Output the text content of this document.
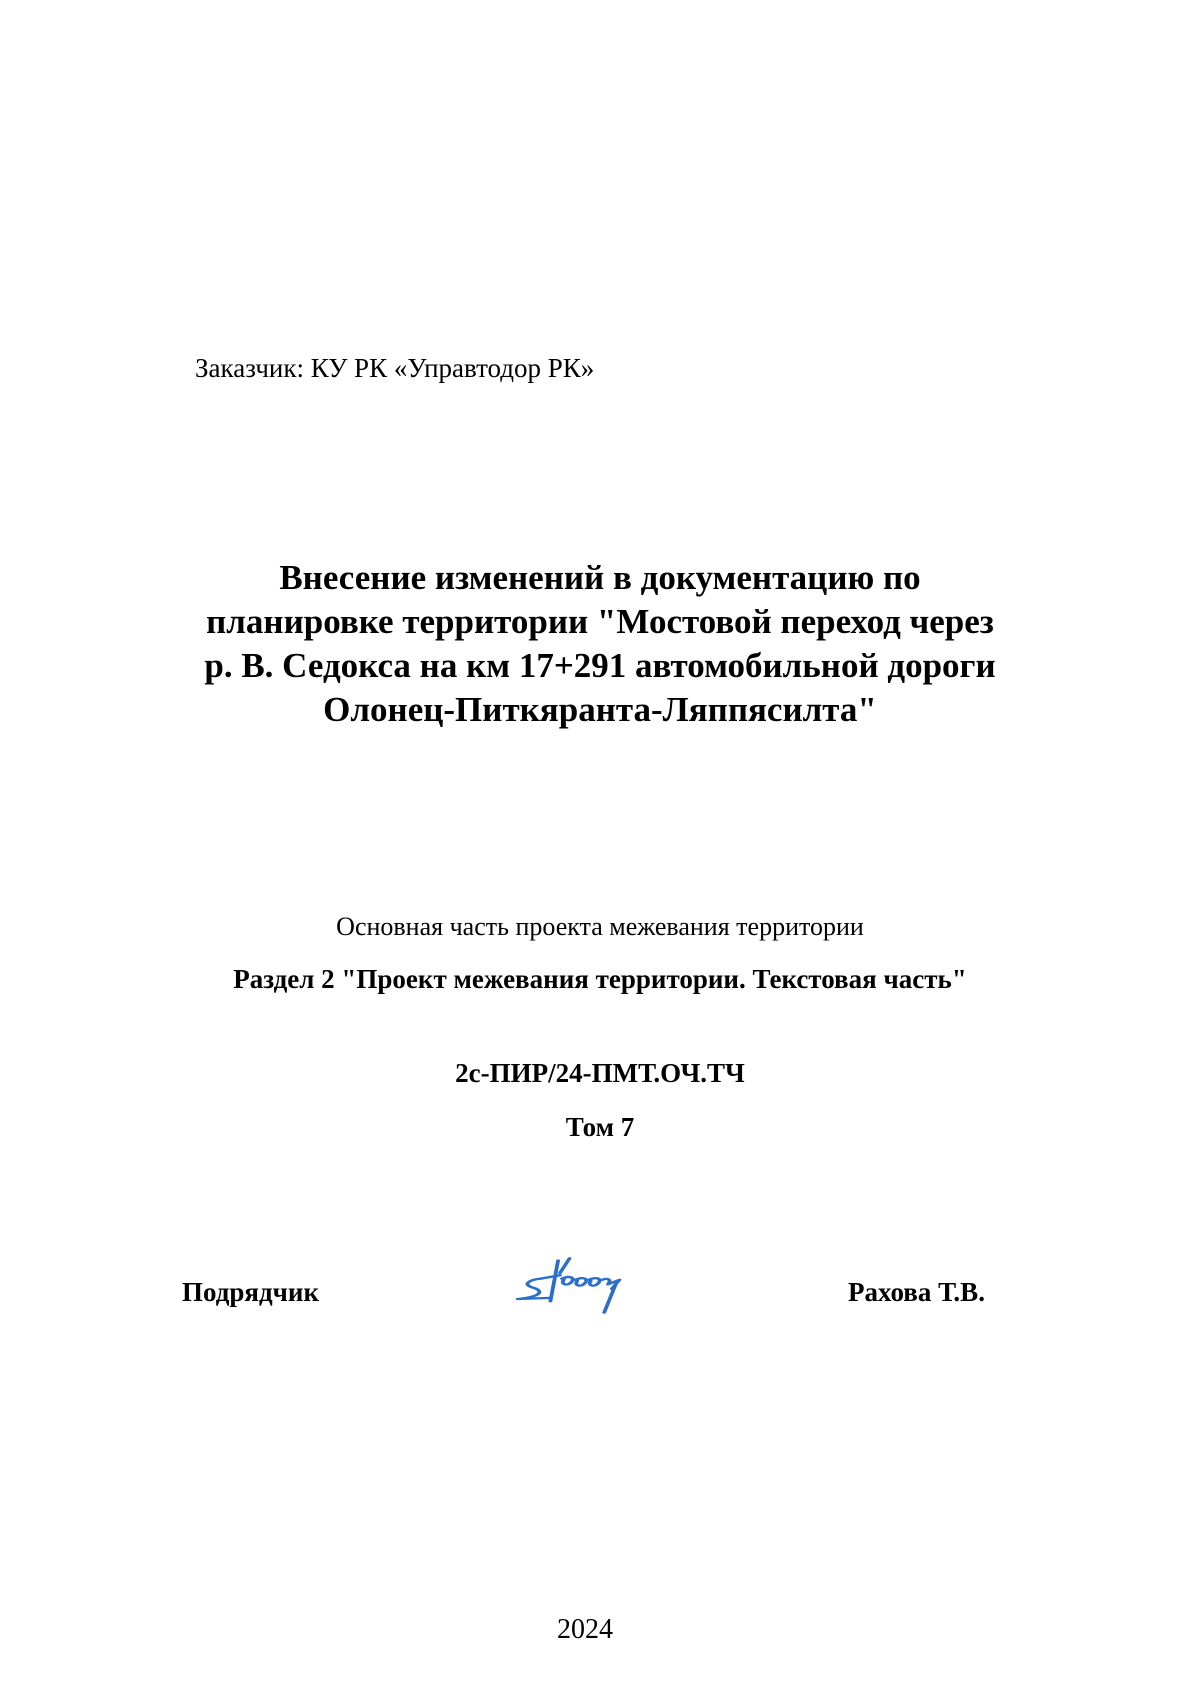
Заказчик: КУ РК «Управтодор РК»
Внесение изменений в документацию по
планировке территории "Мостовой переход через
р. В. Седокса на км 17+291 автомобильной дороги
Олонец-Питкяранта-Ляппясилта"
Основная часть проекта межевания территории
Раздел 2 "Проект межевания территории. Текстовая часть"
2с-ПИР/24-ПМТ.ОЧ.ТЧ
Том 7
Подрядчик	Рахова Т.В.
2024
